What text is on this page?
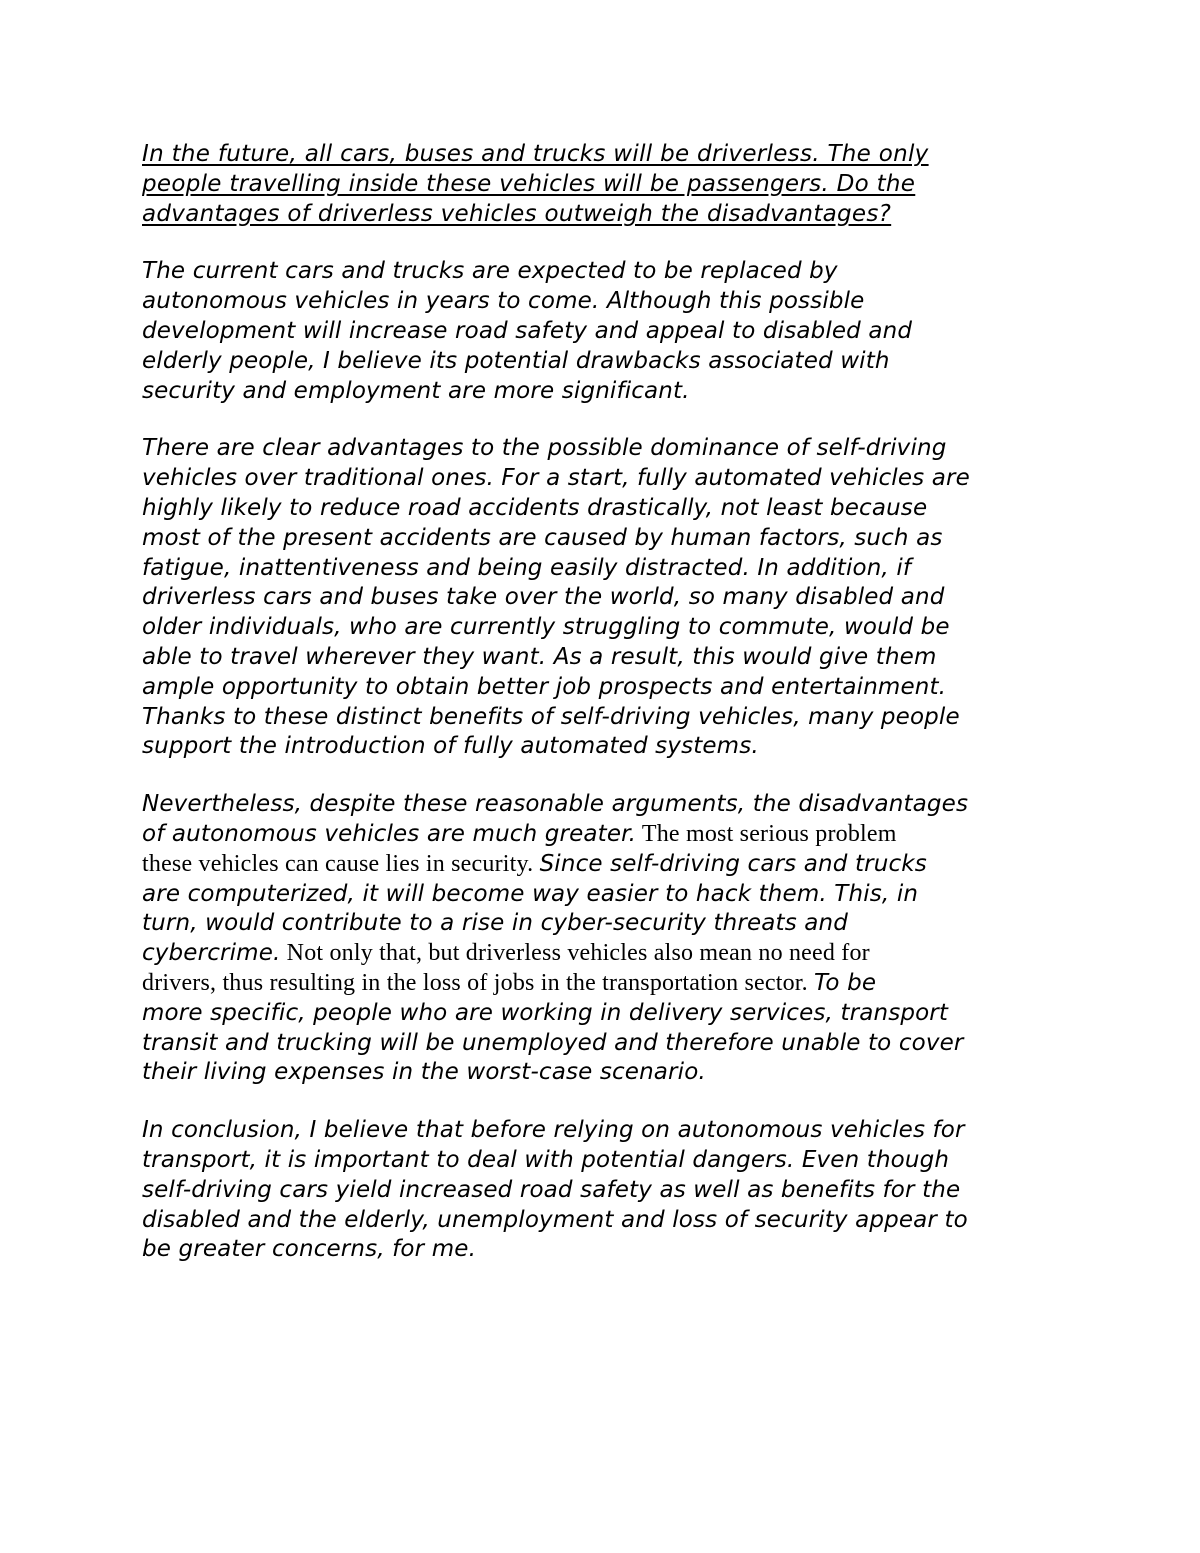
In the future, all cars, buses and trucks will be driverless. The only
people travelling inside these vehicles will be passengers. Do the
advantages of driverless vehicles outweigh the disadvantages?

The current cars and trucks are expected to be replaced by
autonomous vehicles in years to come. Although this possible
development will increase road safety and appeal to disabled and
elderly people, I believe its potential drawbacks associated with
security and employment are more significant.

There are clear advantages to the possible dominance of self-driving
vehicles over traditional ones. For a start, fully automated vehicles are
highly likely to reduce road accidents drastically, not least because
most of the present accidents are caused by human factors, such as
fatigue, inattentiveness and being easily distracted. In addition, if
driverless cars and buses take over the world, so many disabled and
older individuals, who are currently struggling to commute, would be
able to travel wherever they want. As a result, this would give them
ample opportunity to obtain better job prospects and entertainment.
Thanks to these distinct benefits of self-driving vehicles, many people
support the introduction of fully automated systems.

Nevertheless, despite these reasonable arguments, the disadvantages
of autonomous vehicles are much greater. The most serious problem
these vehicles can cause lies in security. Since self-driving cars and trucks
are computerized, it will become way easier to hack them. This, in
turn, would contribute to a rise in cyber-security threats and
cybercrime. Not only that, but driverless vehicles also mean no need for
drivers, thus resulting in the loss of jobs in the transportation sector. To be
more specific, people who are working in delivery services, transport
transit and trucking will be unemployed and therefore unable to cover
their living expenses in the worst-case scenario.

In conclusion, I believe that before relying on autonomous vehicles for
transport, it is important to deal with potential dangers. Even though
self-driving cars yield increased road safety as well as benefits for the
disabled and the elderly, unemployment and loss of security appear to
be greater concerns, for me.
